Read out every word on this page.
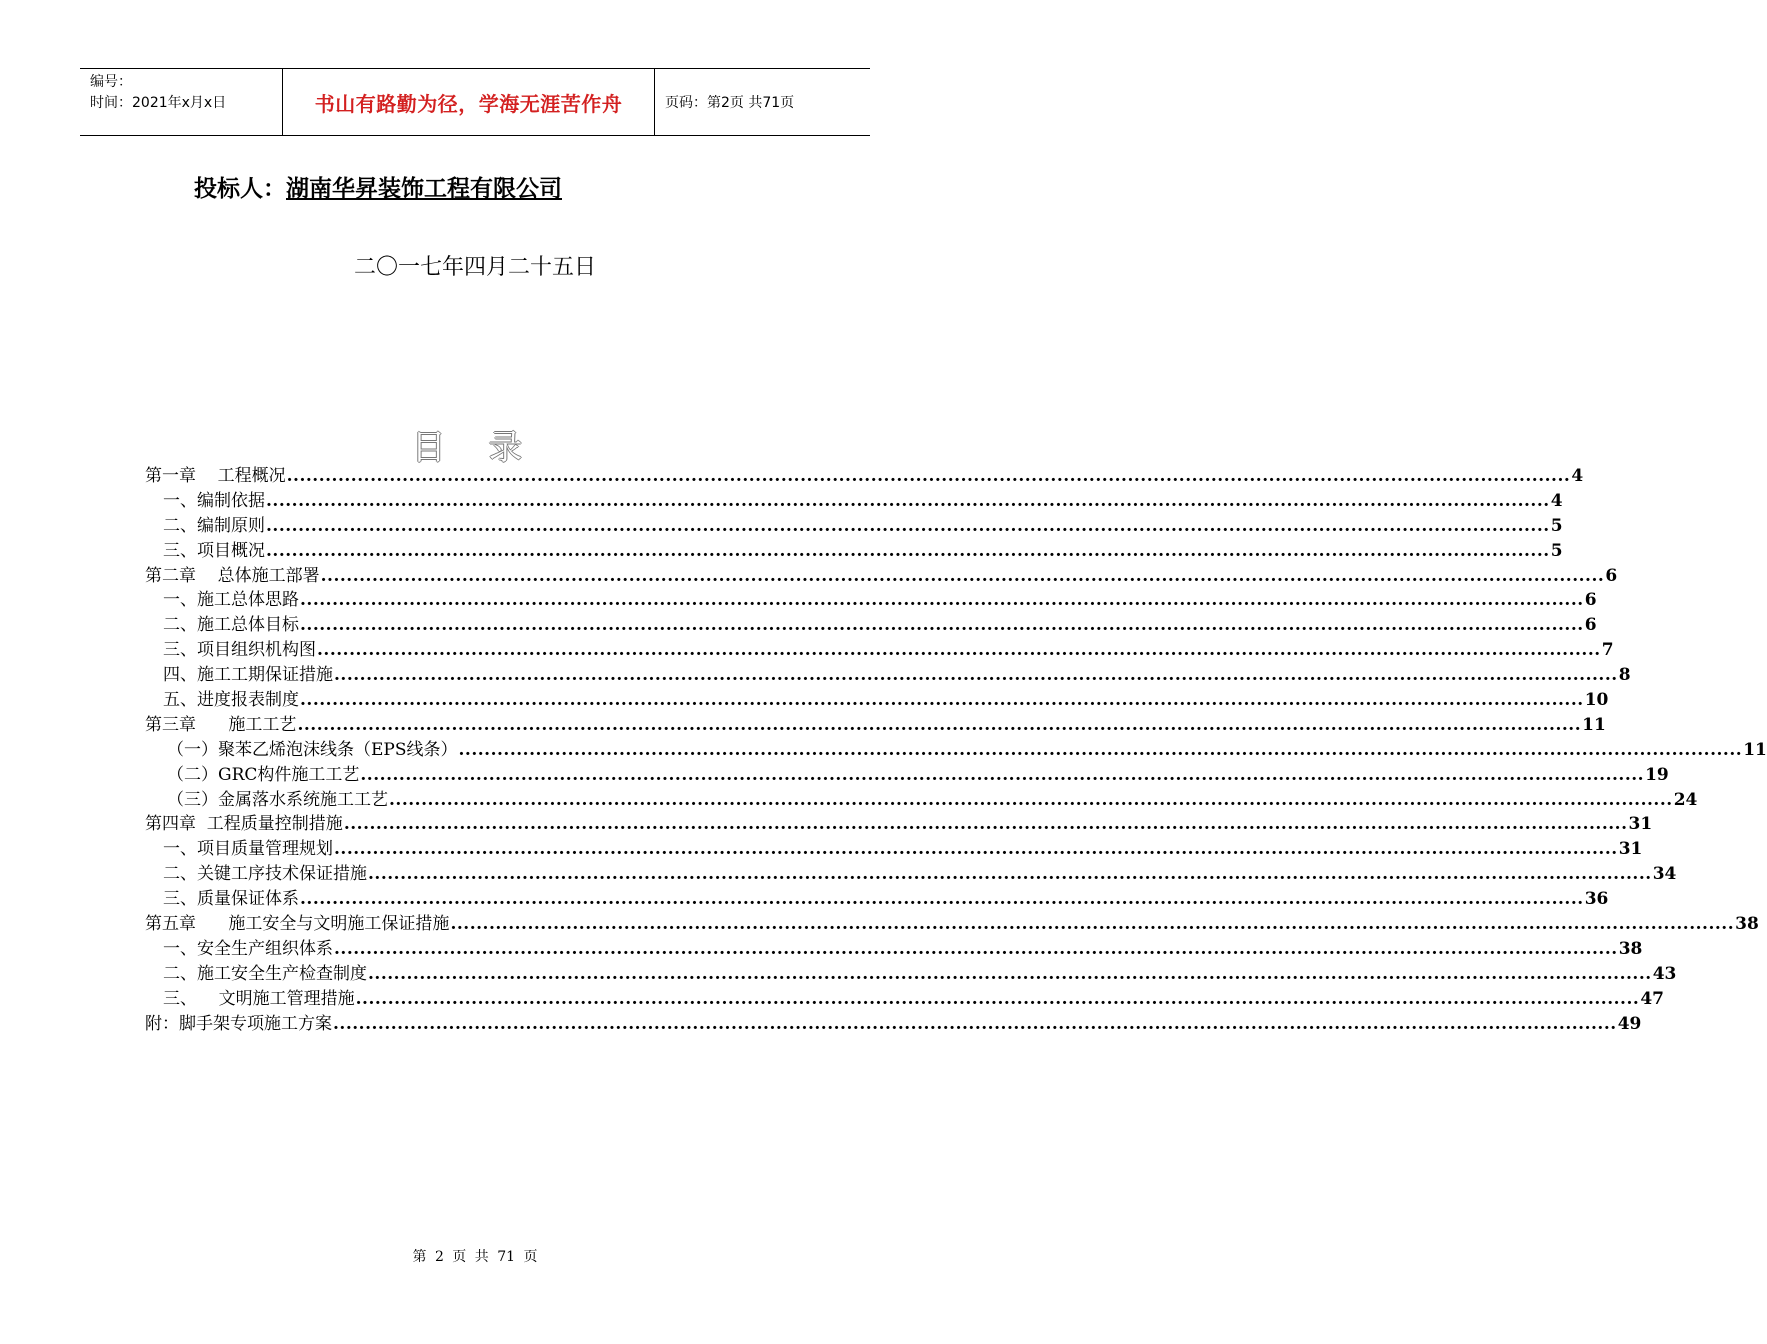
编号：
时间：2021年x月x日	书山有路勤为径，学海无涯苦作舟	页码：第2页 共71页
投标人：湖南华昇装饰工程有限公司
二〇一七年四月二十五日
目 录
第一章    工程概况 ........................................................................................................................................................................................................ 4
一、编制依据 ........................................................................................................................................................................................................ 4
二、编制原则 ........................................................................................................................................................................................................ 5
三、项目概况 ........................................................................................................................................................................................................ 5
第二章    总体施工部署 ........................................................................................................................................................................................................ 6
一、施工总体思路 ........................................................................................................................................................................................................ 6
二、施工总体目标 ........................................................................................................................................................................................................ 6
三、项目组织机构图 ........................................................................................................................................................................................................ 7
四、施工工期保证措施 ........................................................................................................................................................................................................ 8
五、进度报表制度 ........................................................................................................................................................................................................ 10
第三章      施工工艺 ........................................................................................................................................................................................................ 11
（一）聚苯乙烯泡沫线条（EPS线条） ........................................................................................................................................................................................................ 11
（二）GRC构件施工工艺 ........................................................................................................................................................................................................ 19
（三）金属落水系统施工工艺 ........................................................................................................................................................................................................ 24
第四章  工程质量控制措施 ........................................................................................................................................................................................................ 31
一、项目质量管理规划 ........................................................................................................................................................................................................ 31
二、关键工序技术保证措施 ........................................................................................................................................................................................................ 34
三、质量保证体系 ........................................................................................................................................................................................................ 36
第五章      施工安全与文明施工保证措施 ........................................................................................................................................................................................................ 38
一、安全生产组织体系 ........................................................................................................................................................................................................ 38
二、施工安全生产检查制度 ........................................................................................................................................................................................................ 43
三、    文明施工管理措施 ........................................................................................................................................................................................................ 47
附：脚手架专项施工方案 ........................................................................................................................................................................................................ 49
第 2 页 共 71 页
